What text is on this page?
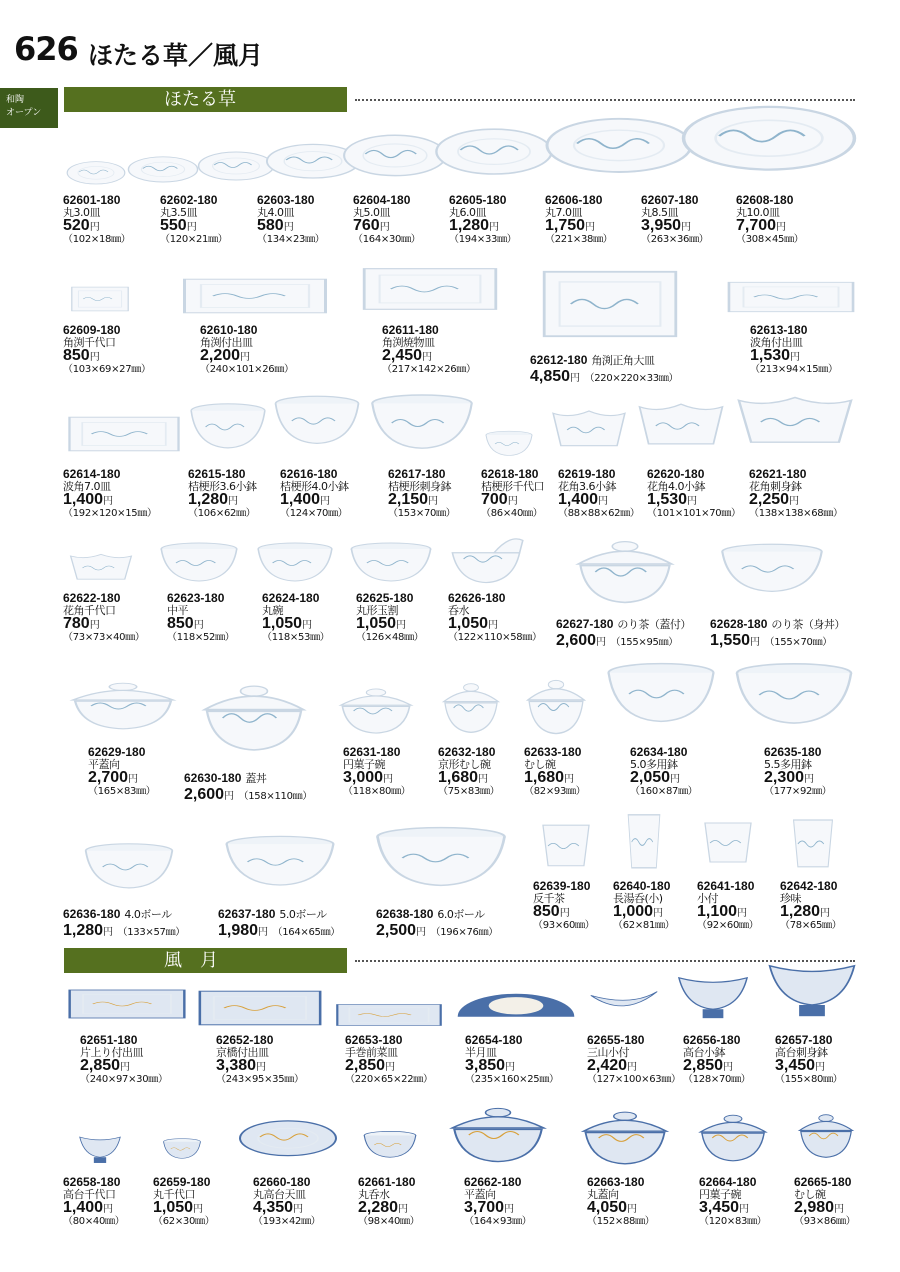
626 ほたる草／風月
和陶
オープン
ほたる草
風　月
62601-180
丸3.0皿
520円
（102×18㎜）
62602-180
丸3.5皿
550円
（120×21㎜）
62603-180
丸4.0皿
580円
（134×23㎜）
62604-180
丸5.0皿
760円
（164×30㎜）
62605-180
丸6.0皿
1,280円
（194×33㎜）
62606-180
丸7.0皿
1,750円
（221×38㎜）
62607-180
丸8.5皿
3,950円
（263×36㎜）
62608-180
丸10.0皿
7,700円
（308×45㎜）
62609-180
角渕千代口
850円
（103×69×27㎜）
62610-180
角渕付出皿
2,200円
（240×101×26㎜）
62611-180
角渕焼物皿
2,450円
（217×142×26㎜）
62612-180 角渕正角大皿
4,850円 （220×220×33㎜）
62613-180
波角付出皿
1,530円
（213×94×15㎜）
62614-180
波角7.0皿
1,400円
（192×120×15㎜）
62615-180
桔梗形3.6小鉢
1,280円
（106×62㎜）
62616-180
桔梗形4.0小鉢
1,400円
（124×70㎜）
62617-180
桔梗形刺身鉢
2,150円
（153×70㎜）
62618-180
桔梗形千代口
700円
（86×40㎜）
62619-180
花角3.6小鉢
1,400円
（88×88×62㎜）
62620-180
花角4.0小鉢
1,530円
（101×101×70㎜）
62621-180
花角刺身鉢
2,250円
（138×138×68㎜）
62622-180
花角千代口
780円
（73×73×40㎜）
62623-180
中平
850円
（118×52㎜）
62624-180
丸碗
1,050円
（118×53㎜）
62625-180
丸形玉割
1,050円
（126×48㎜）
62626-180
呑水
1,050円
（122×110×58㎜）
62627-180 のり茶（蓋付）
2,600円 （155×95㎜）
62628-180 のり茶（身丼）
1,550円 （155×70㎜）
62629-180
平蓋向
2,700円
（165×83㎜）
62630-180 蓋丼
2,600円 （158×110㎜）
62631-180
円菓子碗
3,000円
（118×80㎜）
62632-180
京形むし碗
1,680円
（75×83㎜）
62633-180
むし碗
1,680円
（82×93㎜）
62634-180
5.0多用鉢
2,050円
（160×87㎜）
62635-180
5.5多用鉢
2,300円
（177×92㎜）
62636-180 4.0ボール
1,280円 （133×57㎜）
62637-180 5.0ボール
1,980円 （164×65㎜）
62638-180 6.0ボール
2,500円 （196×76㎜）
62639-180
反千茶
850円
（93×60㎜）
62640-180
長湯呑(小)
1,000円
（62×81㎜）
62641-180
小付
1,100円
（92×60㎜）
62642-180
珍味
1,280円
（78×65㎜）
62651-180
片上り付出皿
2,850円
（240×97×30㎜）
62652-180
京橋付出皿
3,380円
（243×95×35㎜）
62653-180
手巻前菜皿
2,850円
（220×65×22㎜）
62654-180
半月皿
3,850円
（235×160×25㎜）
62655-180
三山小付
2,420円
（127×100×63㎜）
62656-180
高台小鉢
2,850円
（128×70㎜）
62657-180
高台刺身鉢
3,450円
（155×80㎜）
62658-180
高台千代口
1,400円
（80×40㎜）
62659-180
丸千代口
1,050円
（62×30㎜）
62660-180
丸高台天皿
4,350円
（193×42㎜）
62661-180
丸呑水
2,280円
（98×40㎜）
62662-180
平蓋向
3,700円
（164×93㎜）
62663-180
丸蓋向
4,050円
（152×88㎜）
62664-180
円菓子碗
3,450円
（120×83㎜）
62665-180
むし碗
2,980円
（93×86㎜）
